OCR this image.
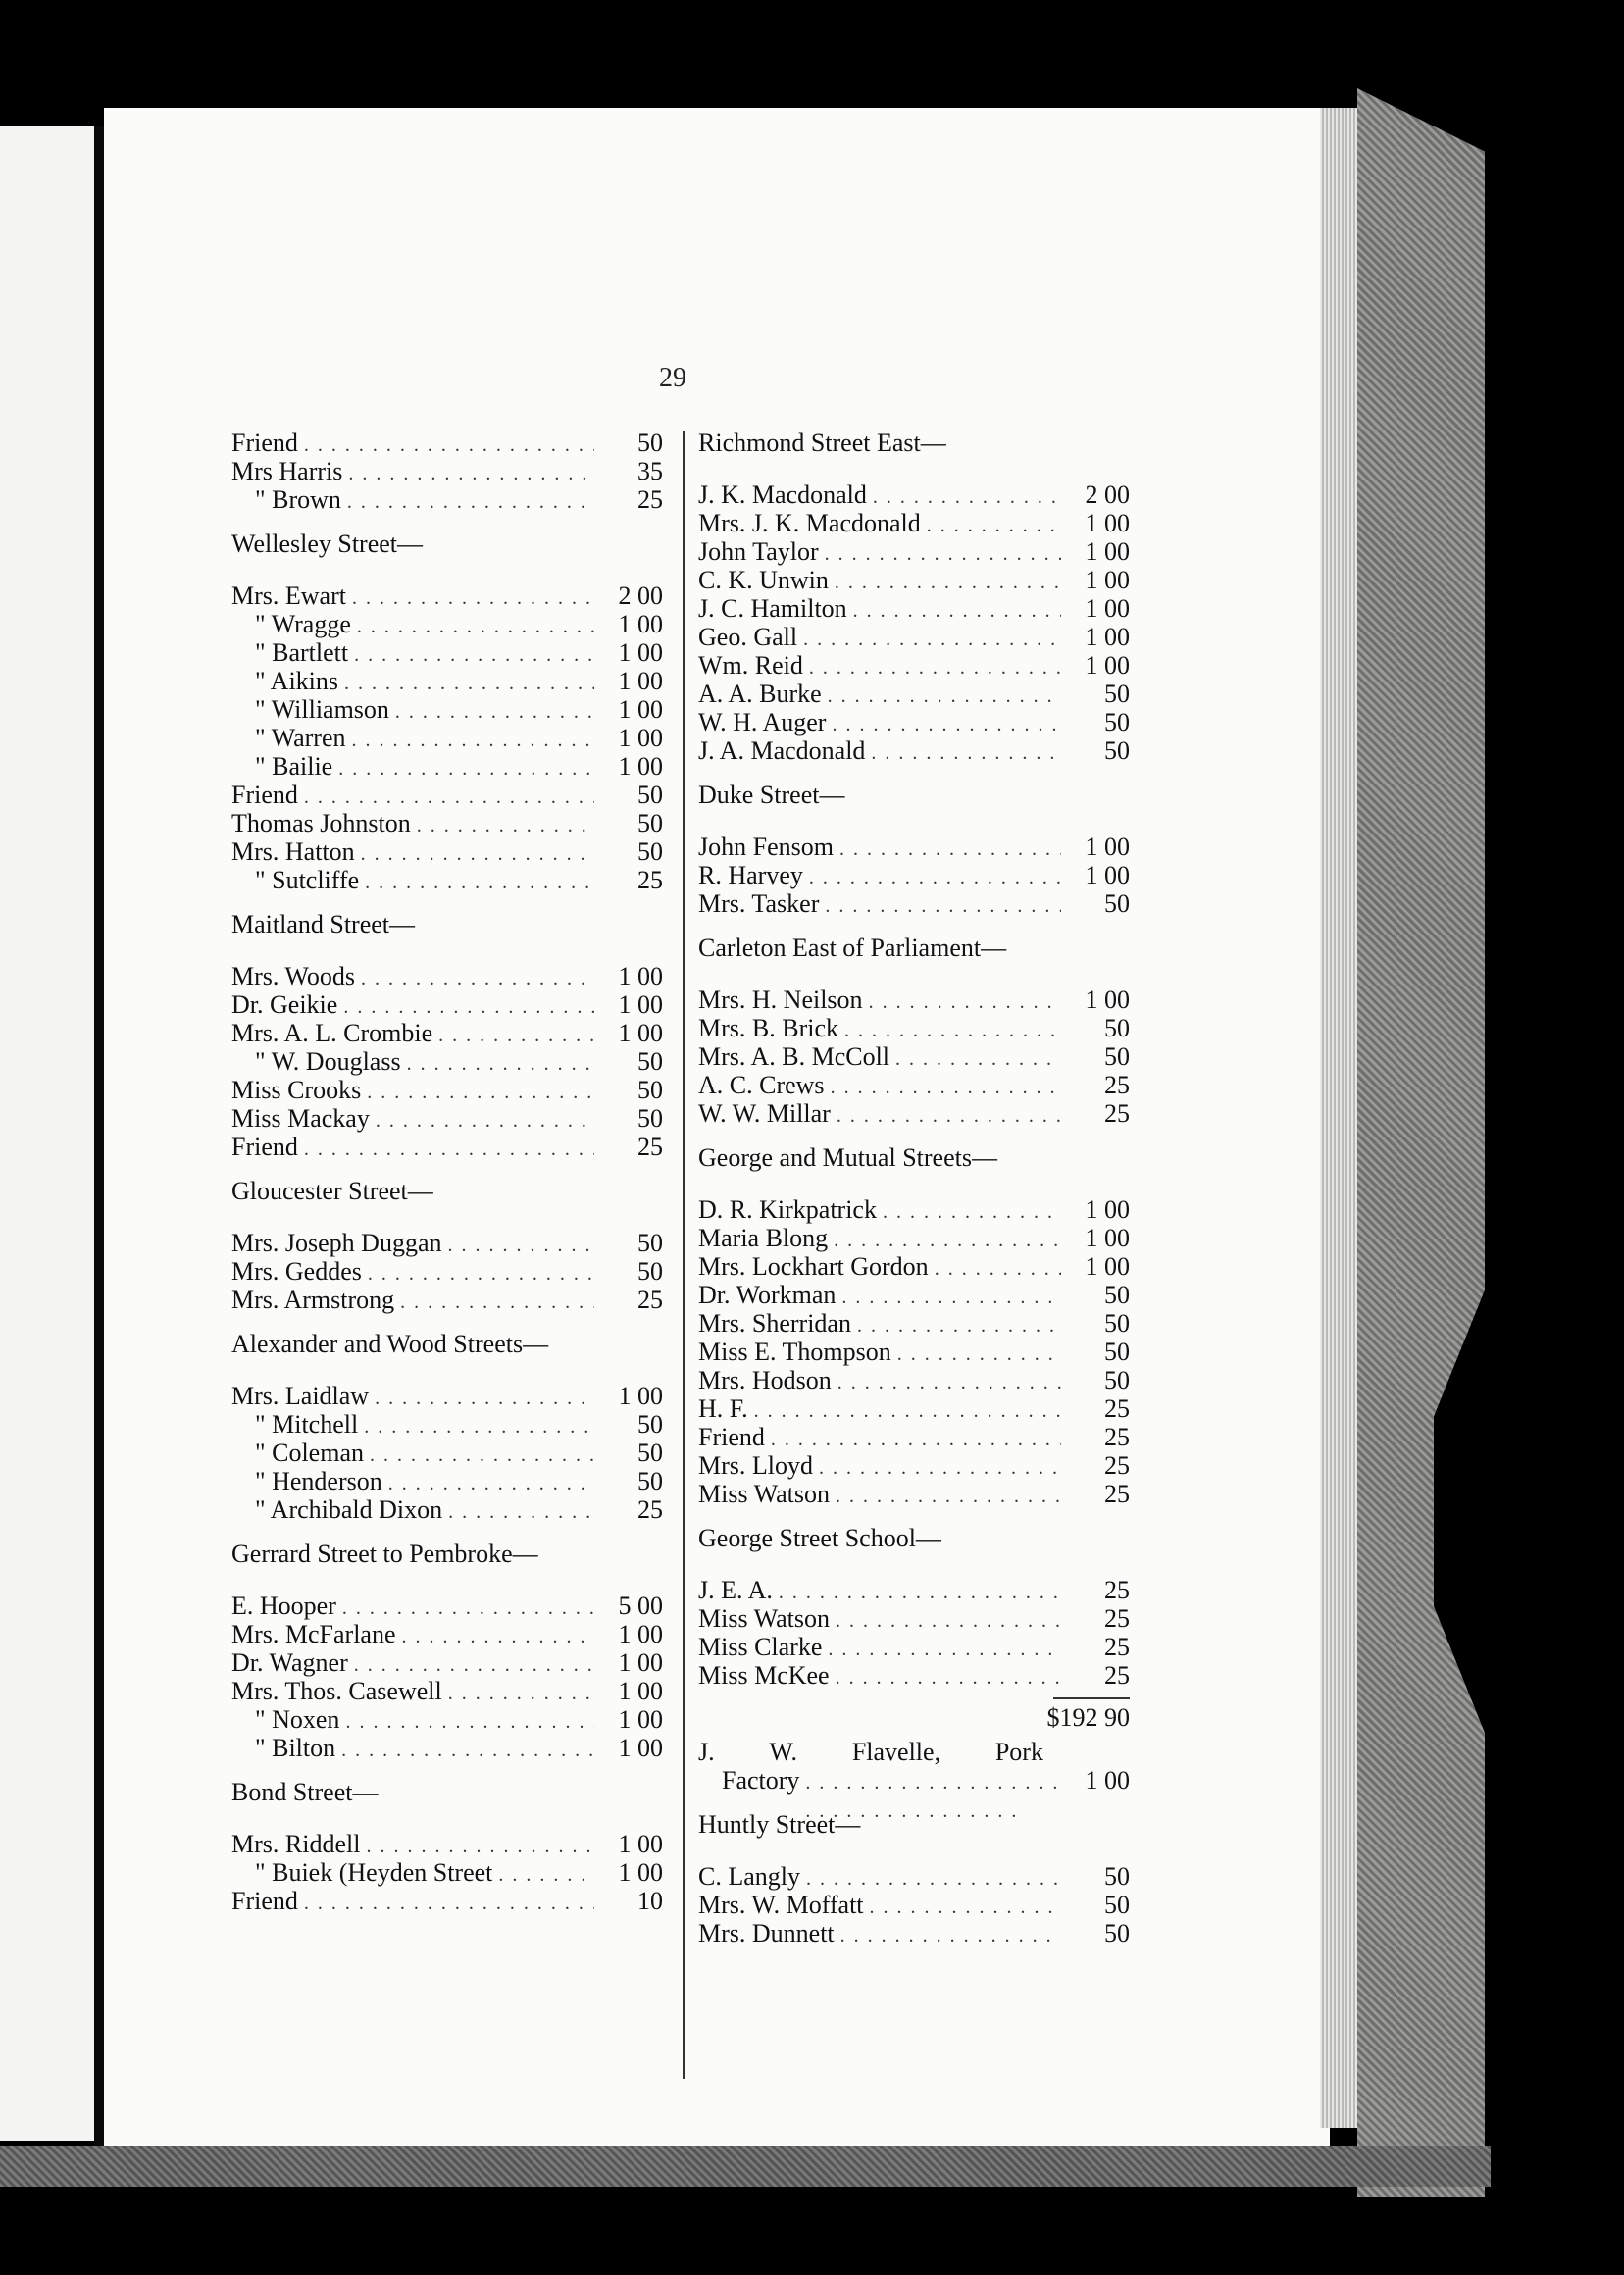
29
Friend . . .	50
Mrs Harris . . .	35
" Brown . . .	25
Wellesley Street—
Mrs. Ewart . . .	2 00
" Wragge . . .	1 00
" Bartlett . . .	1 00
" Aikins . . .	1 00
" Williamson . . .	1 00
" Warren . . .	1 00
" Bailie . . .	1 00
Friend . . .	50
Thomas Johnston . . .	50
Mrs. Hatton . . .	50
" Sutcliffe . . .	25
Maitland Street—
Mrs. Woods . . .	1 00
Dr. Geikie . . .	1 00
Mrs. A. L. Crombie . . .	1 00
" W. Douglass . . .	50
Miss Crooks . . .	50
Miss Mackay . . .	50
Friend . . .	25
Gloucester Street—
Mrs. Joseph Duggan . . .	50
Mrs. Geddes . . .	50
Mrs. Armstrong . . .	25
Alexander and Wood Streets—
Mrs. Laidlaw . . .	1 00
" Mitchell . . .	50
" Coleman . . .	50
" Henderson . . .	50
" Archibald Dixon . . .	25
Gerrard Street to Pembroke—
E. Hooper . . .	5 00
Mrs. McFarlane . . .	1 00
Dr. Wagner . . .	1 00
Mrs. Thos. Casewell . . .	1 00
" Noxen . . .	1 00
" Bilton . . .	1 00
Bond Street—
Mrs. Riddell . . .	1 00
" Buiek (Heyden Street . . .	1 00
Friend . . .	10
Richmond Street East—
J. K. Macdonald . . .	2 00
Mrs. J. K. Macdonald . . .	1 00
John Taylor . . .	1 00
C. K. Unwin . . .	1 00
J. C. Hamilton . . .	1 00
Geo. Gall . . .	1 00
Wm. Reid . . .	1 00
A. A. Burke . . .	50
W. H. Auger . . .	50
J. A. Macdonald . . .	50
Duke Street—
John Fensom . . .	1 00
R. Harvey . . .	1 00
Mrs. Tasker . . .	50
Carleton East of Parliament—
Mrs. H. Neilson . . .	1 00
Mrs. B. Brick . . .	50
Mrs. A. B. McColl . . .	50
A. C. Crews . . .	25
W. W. Millar . . .	25
George and Mutual Streets—
D. R. Kirkpatrick . . .	1 00
Maria Blong . . .	1 00
Mrs. Lockhart Gordon . . .	1 00
Dr. Workman . . .	50
Mrs. Sherridan . . .	50
Miss E. Thompson . . .	50
Mrs. Hodson . . .	50
H. F. . . .	25
Friend . . .	25
Mrs. Lloyd . . .	25
Miss Watson . . .	25
George Street School—
J. E. A. . . .	25
Miss Watson . . .	25
Miss Clarke . . .	25
Miss McKee . . .	25
$192 90
J. W. Flavelle, Pork
Factory . . .	1 00
Huntly Street—
C. Langly . . .	50
Mrs. W. Moffatt . . .	50
Mrs. Dunnett . . .	50
